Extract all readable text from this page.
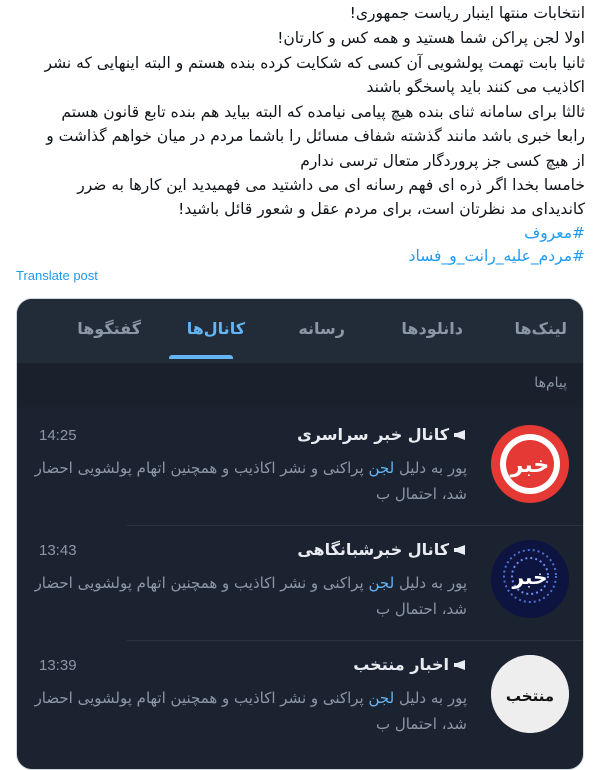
انتخابات منتها اینبار ریاست جمهوری!
اولا لجن پراکن شما هستید و همه کس و کارتان!
ثانیا بابت تهمت پولشویی آن کسی که شکایت کرده بنده هستم و البته اینهایی که نشر
اکاذیب می کنند باید پاسخگو باشند
ثالثا برای سامانه ثنای بنده هیچ پیامی نیامده که البته بیاید هم بنده تابع قانون هستم
رابعا خبری باشد مانند گذشته شفاف مسائل را باشما مردم در میان خواهم گذاشت و
از هیچ کسی جز پروردگار متعال ترسی ندارم
خامسا بخدا اگر ذره ای فهم رسانه ای می داشتید می فهمیدید این کارها به ضرر
کاندیدای مد نظرتان است، برای مردم عقل و شعور قائل باشید!
#معروف
#مردم_علیه_رانت_و_فساد
Translate post
لینک‌ها
دانلودها
رسانه
کانال‌ها
گفتگوها
پیام‌ها
خبر
کانال خبر سراسری
14:25
پور به دلیل لجن پراکنی و نشر اکاذیب و همچنین اتهام پولشویی احضار شد، احتمال ب
خبر
کانال خبرشبانگاهی
13:43
پور به دلیل لجن پراکنی و نشر اکاذیب و همچنین اتهام پولشویی احضار شد، احتمال ب
منتخب
اخبار منتخب
13:39
پور به دلیل لجن پراکنی و نشر اکاذیب و همچنین اتهام پولشویی احضار شد، احتمال ب
